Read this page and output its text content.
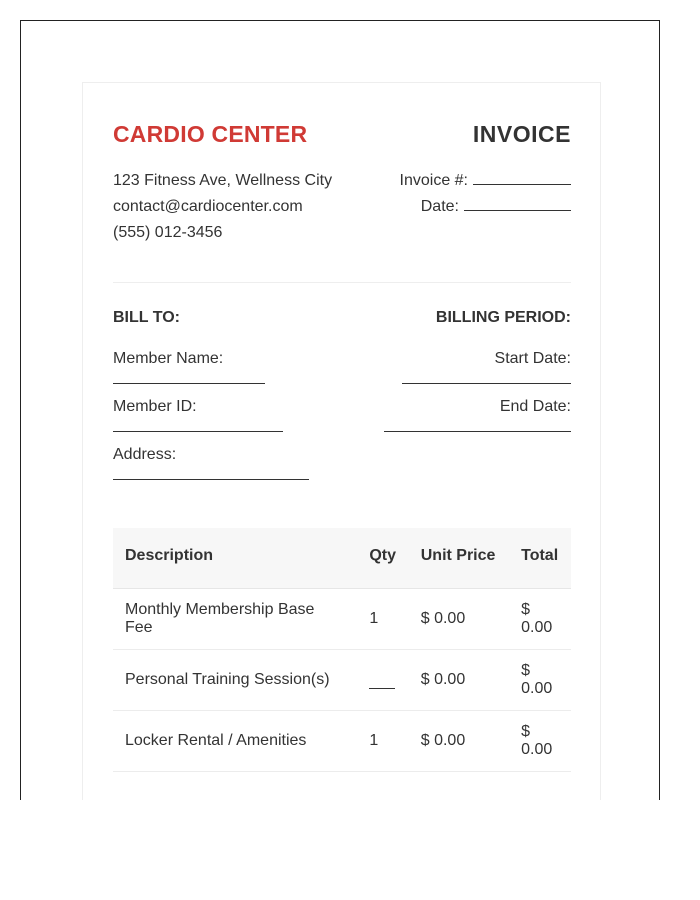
CARDIO CENTER	INVOICE
123 Fitness Ave, Wellness City
contact@cardiocenter.com
(555) 012-3456
Invoice #:
Date:
BILL TO:
Member Name:
Member ID:
Address:
BILLING PERIOD:
Start Date:
End Date:
Description	Qty	Unit Price	Total
Monthly Membership Base Fee	1	$ 0.00	$ 0.00
Personal Training Session(s)		$ 0.00	$ 0.00
Locker Rental / Amenities	1	$ 0.00	$ 0.00
